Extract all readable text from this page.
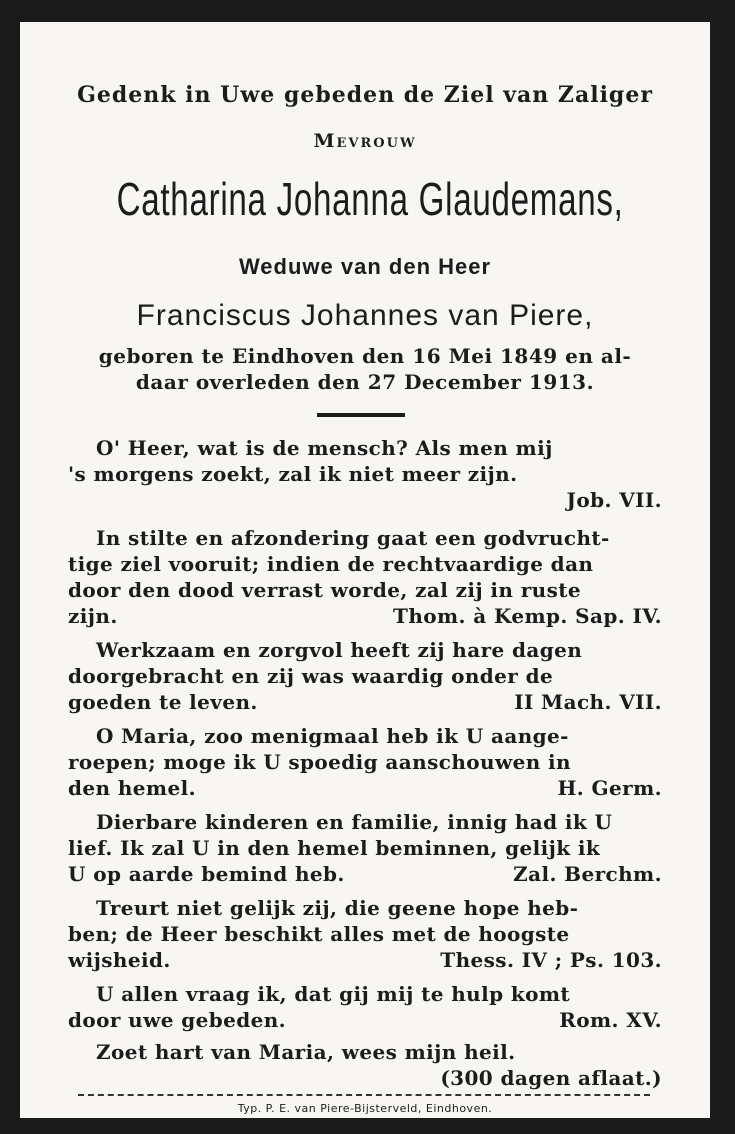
Gedenk in Uwe gebeden de Ziel van Zaliger
Mevrouw
Catharina Johanna Glaudemans,
Weduwe van den Heer
Franciscus Johannes van Piere,
geboren te Eindhoven den 16 Mei 1849 en al-
daar overleden den 27 December 1913.
O' Heer, wat is de mensch? Als men mij
's morgens zoekt, zal ik niet meer zijn.
Job. VII.
In stilte en afzondering gaat een godvrucht-
tige ziel vooruit; indien de rechtvaardige dan
door den dood verrast worde, zal zij in ruste
zijn.	Thom. à Kemp. Sap. IV.
Werkzaam en zorgvol heeft zij hare dagen
doorgebracht en zij was waardig onder de
goeden te leven.	II Mach. VII.
O Maria, zoo menigmaal heb ik U aange-
roepen; moge ik U spoedig aanschouwen in
den hemel.	H. Germ.
Dierbare kinderen en familie, innig had ik U
lief. Ik zal U in den hemel beminnen, gelijk ik
U op aarde bemind heb.	Zal. Berchm.
Treurt niet gelijk zij, die geene hope heb-
ben; de Heer beschikt alles met de hoogste
wijsheid.	Thess. IV ; Ps. 103.
U allen vraag ik, dat gij mij te hulp komt
door uwe gebeden.	Rom. XV.
Zoet hart van Maria, wees mijn heil.
(300 dagen aflaat.)
Typ. P. E. van Piere-Bijsterveld, Eindhoven.
